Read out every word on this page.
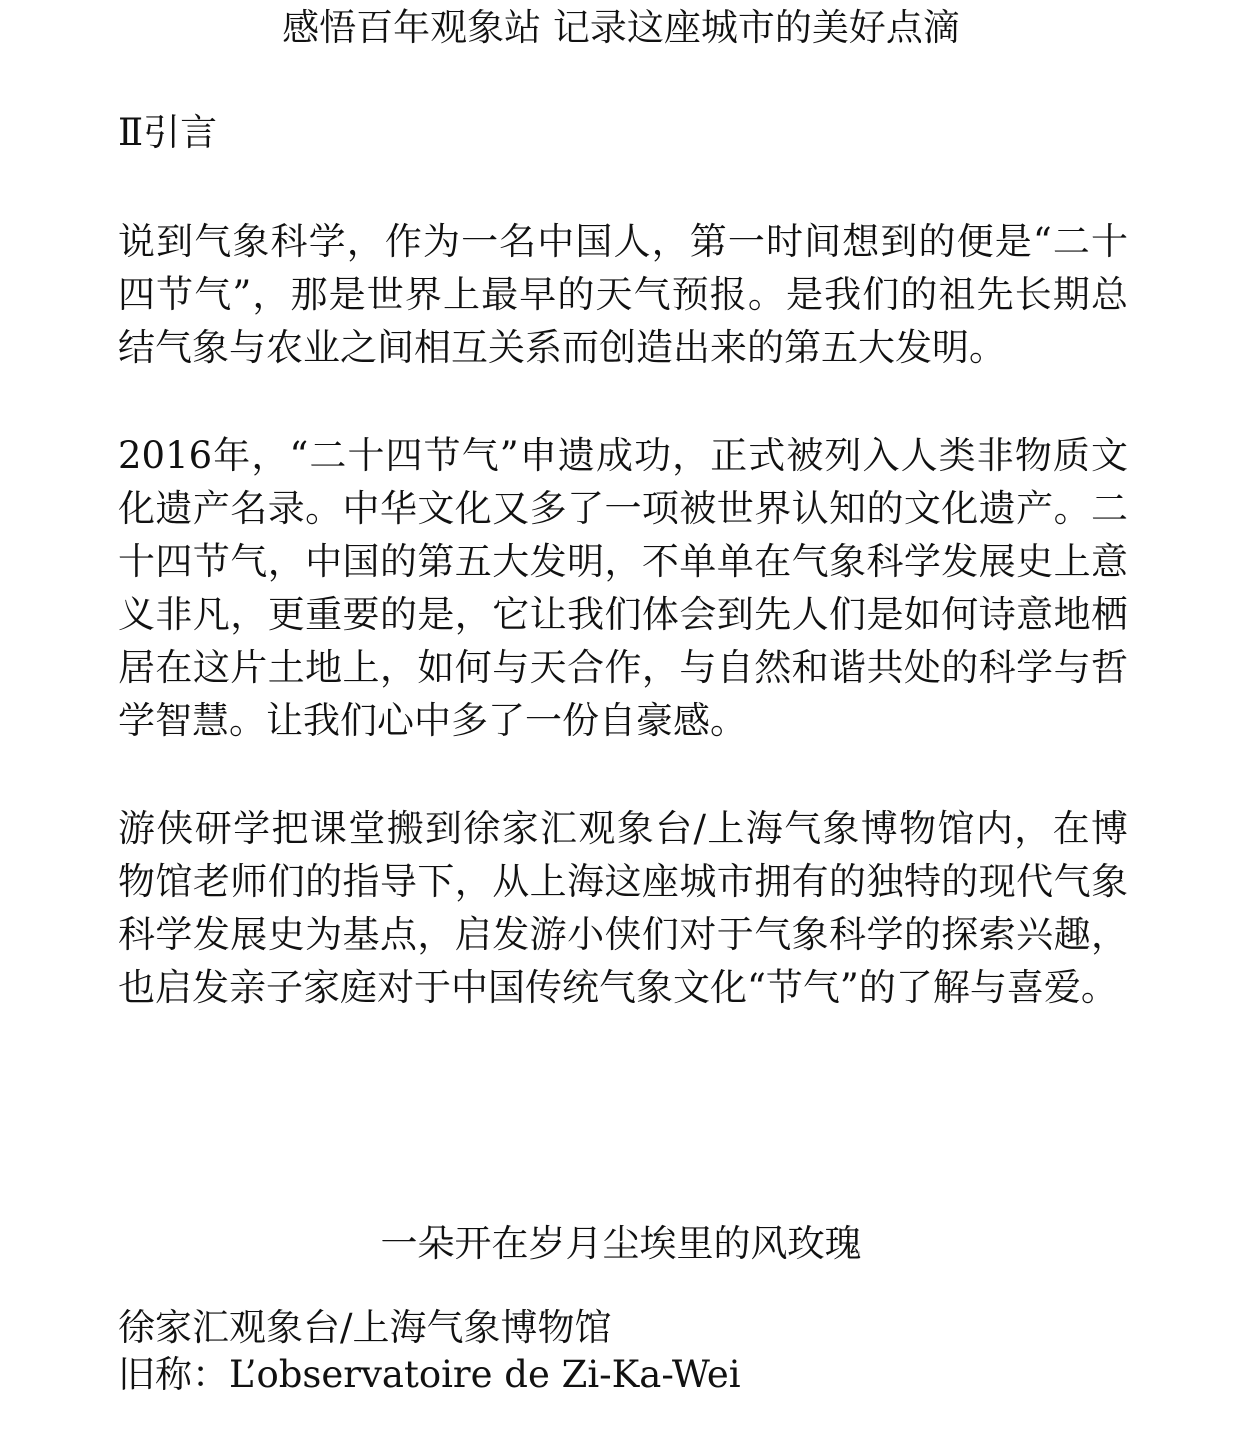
感悟百年观象站 记录这座城市的美好点滴
Ⅱ引言

说到气象科学，作为一名中国人，第一时间想到的便是“二十四节气”，那是世界上最早的天气预报。是我们的祖先长期总结气象与农业之间相互关系而创造出来的第五大发明。

2016年，“二十四节气”申遗成功，正式被列入人类非物质文化遗产名录。中华文化又多了一项被世界认知的文化遗产。二十四节气，中国的第五大发明，不单单在气象科学发展史上意义非凡，更重要的是，它让我们体会到先人们是如何诗意地栖居在这片土地上，如何与天合作，与自然和谐共处的科学与哲学智慧。让我们心中多了一份自豪感。

游侠研学把课堂搬到徐家汇观象台/上海气象博物馆内，在博物馆老师们的指导下，从上海这座城市拥有的独特的现代气象科学发展史为基点，启发游小侠们对于气象科学的探索兴趣，也启发亲子家庭对于中国传统气象文化“节气”的了解与喜爱。

一朵开在岁月尘埃里的风玫瑰
徐家汇观象台/上海气象博物馆
旧称：L’observatoire de Zi-Ka-Wei
